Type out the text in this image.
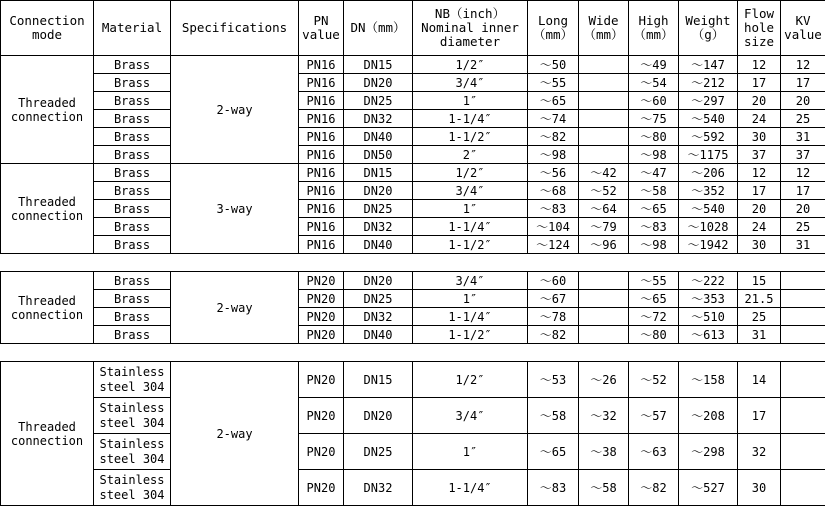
Connection mode	Material	Specifications	PN value	DN（mm）	NB（inch）Nominal inner diameter	Long（mm）	Wide（mm）	High（mm）	Weight（g）	Flow hole size	KV value
Threaded connection	Brass	2-way	PN16	DN15	1/2″	～50		～49	～147	12	12
	Brass		PN16	DN20	3/4″	～55		～54	～212	17	17
	Brass		PN16	DN25	1″	～65		～60	～297	20	20
	Brass		PN16	DN32	1-1/4″	～74		～75	～540	24	25
	Brass		PN16	DN40	1-1/2″	～82		～80	～592	30	31
	Brass		PN16	DN50	2″	～98		～98	～1175	37	37
Threaded connection	Brass	3-way	PN16	DN15	1/2″	～56	～42	～47	～206	12	12
	Brass		PN16	DN20	3/4″	～68	～52	～58	～352	17	17
	Brass		PN16	DN25	1″	～83	～64	～65	～540	20	20
	Brass		PN16	DN32	1-1/4″	～104	～79	～83	～1028	24	25
	Brass		PN16	DN40	1-1/2″	～124	～96	～98	～1942	30	31
Threaded connection	Brass	2-way	PN20	DN20	3/4″	～60		～55	～222	15	
	Brass		PN20	DN25	1″	～67		～65	～353	21.5	
	Brass		PN20	DN32	1-1/4″	～78		～72	～510	25	
	Brass		PN20	DN40	1-1/2″	～82		～80	～613	31	
Threaded connection	Stainless steel 304	2-way	PN20	DN15	1/2″	～53	～26	～52	～158	14	
	Stainless steel 304		PN20	DN20	3/4″	～58	～32	～57	～208	17	
	Stainless steel 304		PN20	DN25	1″	～65	～38	～63	～298	32	
	Stainless steel 304		PN20	DN32	1-1/4″	～83	～58	～82	～527	30	
